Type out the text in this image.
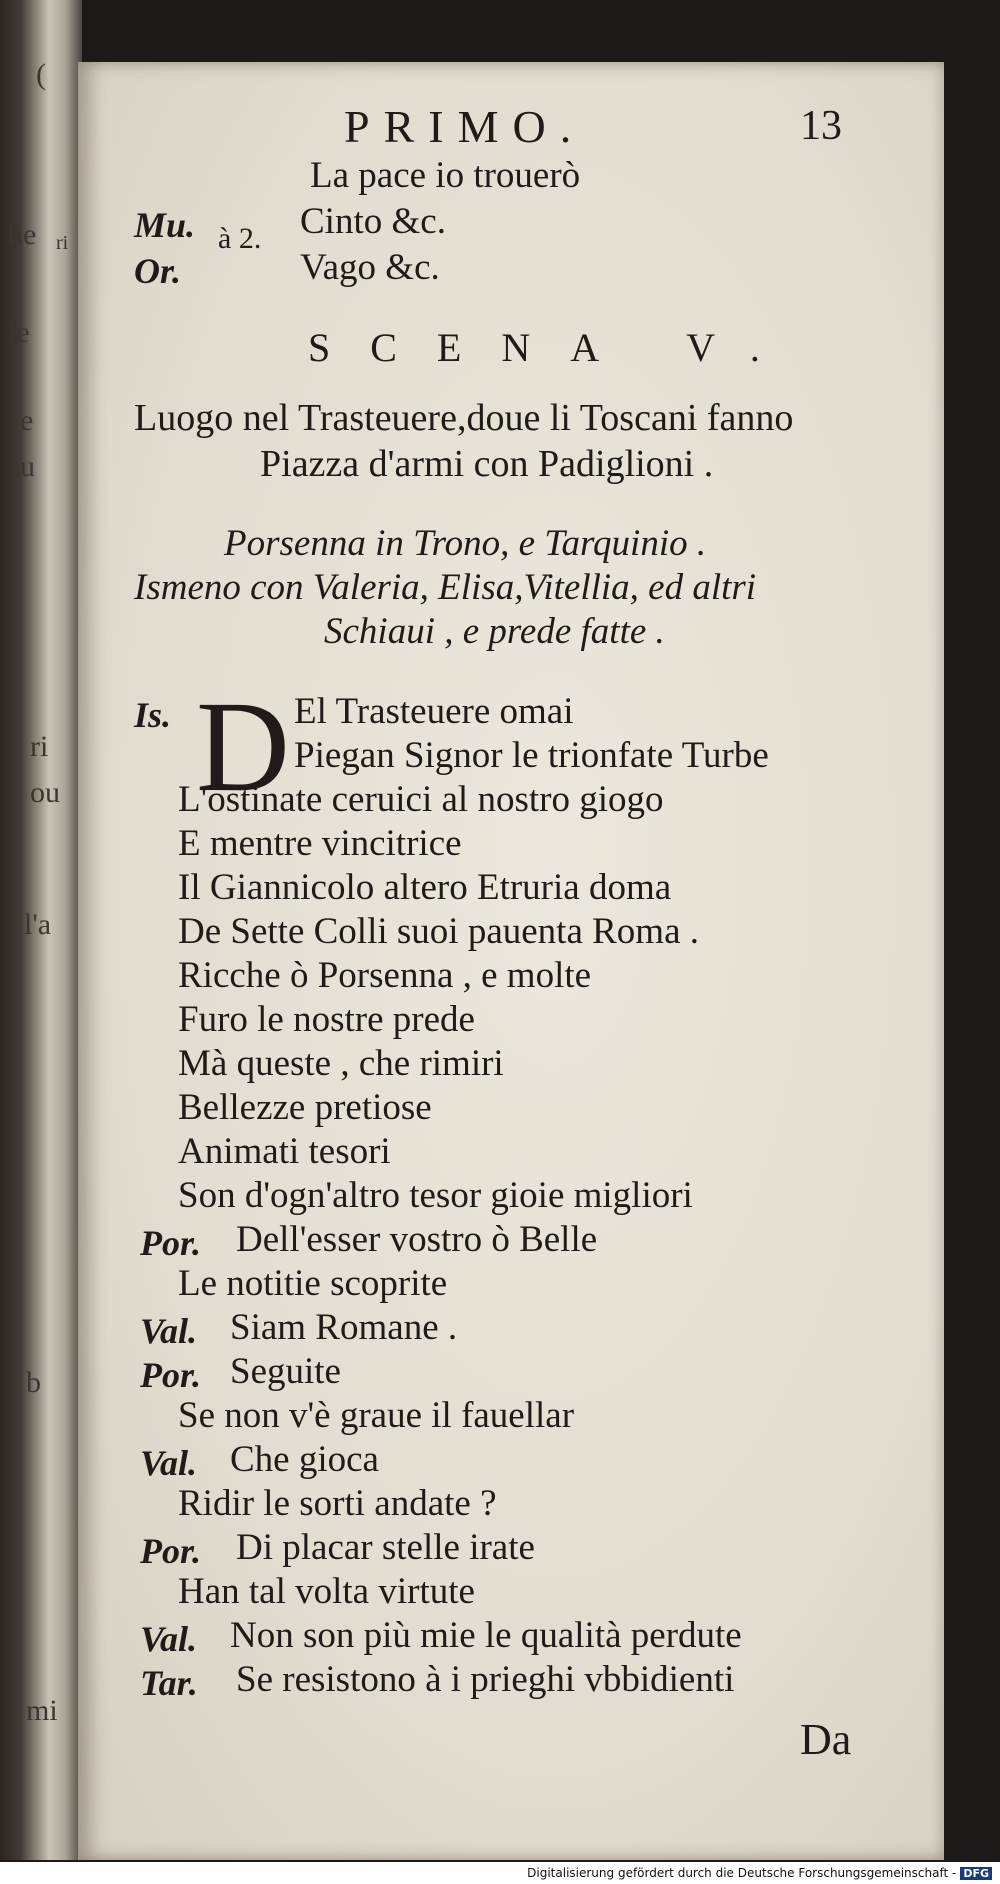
(
he ri
le
e
u
ri
ou
l'a
b
mi
PRIMO.	13
La pace io trouerò
Mu. à 2. Cinto &c.
Or.	Vago &c.
SCENA V.
Luogo nel Trasteuere,doue li Toscani fanno
Piazza d'armi con Padiglioni .
Porsenna in Trono, e Tarquinio .
Ismeno con Valeria, Elisa,Vitellia, ed altri
Schiaui , e prede fatte .
Is. D El Trasteuere omai
Piegan Signor le trionfate Turbe
L'ostinate ceruici al nostro giogo
E mentre vincitrice
Il Giannicolo altero Etruria doma
De Sette Colli suoi pauenta Roma .
Ricche ò Porsenna , e molte
Furo le nostre prede
Mà queste , che rimiri
Bellezze pretiose
Animati tesori
Son d'ogn'altro tesor gioie migliori
Por. Dell'esser vostro ò Belle
Le notitie scoprite
Val. Siam Romane .
Por. Seguite
Se non v'è graue il fauellar
Val. Che gioca
Ridir le sorti andate ?
Por. Di placar stelle irate
Han tal volta virtute
Val. Non son più mie le qualità perdute
Tar. Se resistono à i prieghi vbbidienti
Da
Digitalisierung gefördert durch die Deutsche Forschungsgemeinschaft - DFG
